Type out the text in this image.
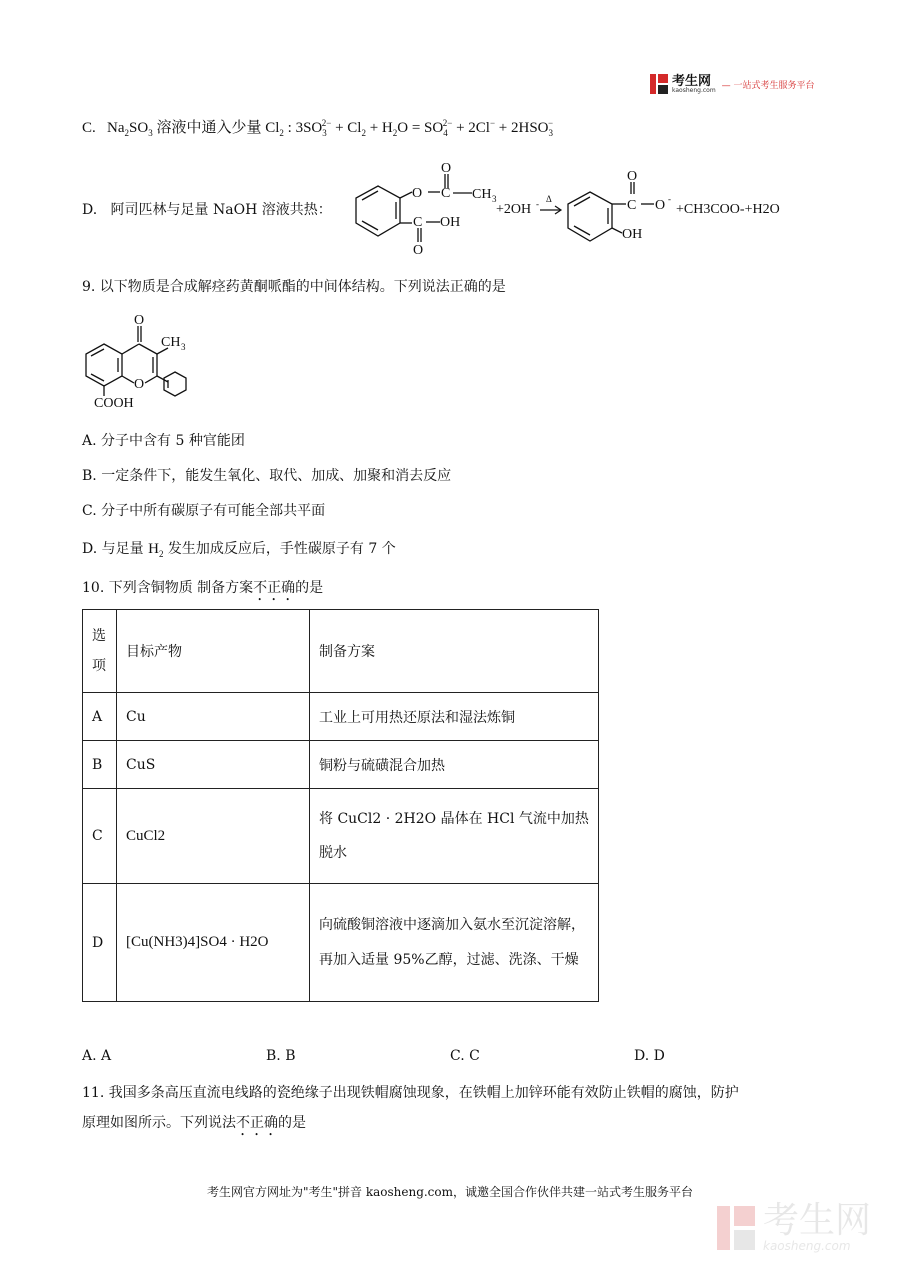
考生网
kaosheng.com — 一站式考生服务平台
C. $Na_2SO_3$ 溶液中通入少量 $Cl_2$ : $3SO_3^{2-} + Cl_2 + H_2O = SO_4^{2-} + 2Cl^- + 2HSO_3^-$
D. 阿司匹林与足量 NaOH 溶液共热：
O
O
C CH 3
C OH
O
+2OH - Δ
O
C O -
OH
+CH3COO-+H2O
9. 以下物质是合成解痉药黄酮哌酯的中间体结构。下列说法正确的是
O
CH 3
O
COOH
A. 分子中含有 5 种官能团
B. 一定条件下，能发生氧化、取代、加成、加聚和消去反应
C. 分子中所有碳原子有可能全部共平面
D. 与足量 $H_2$ 发生加成反应后，手性碳原子有 7 个
10. 下列含铜物质 制备方案不正确的是
选项	目标产物	制备方案
A	Cu	工业上可用热还原法和湿法炼铜
B	CuS	铜粉与硫磺混合加热
C	CuCl2	将 CuCl2 · 2H2O 晶体在 HCl 气流中加热脱水
D	[Cu(NH3)4]SO4 · H2O	向硫酸铜溶液中逐滴加入氨水至沉淀溶解，再加入适量 95%乙醇，过滤、洗涤、干燥
A. A	B. B	C. C	D. D
11. 我国多条高压直流电线路的瓷绝缘子出现铁帽腐蚀现象，在铁帽上加锌环能有效防止铁帽的腐蚀，防护
原理如图所示。下列说法不正确的是
考生网官方网址为"考生"拼音 kaosheng.com，诚邀全国合作伙伴共建一站式考生服务平台
考生网
kaosheng.com
